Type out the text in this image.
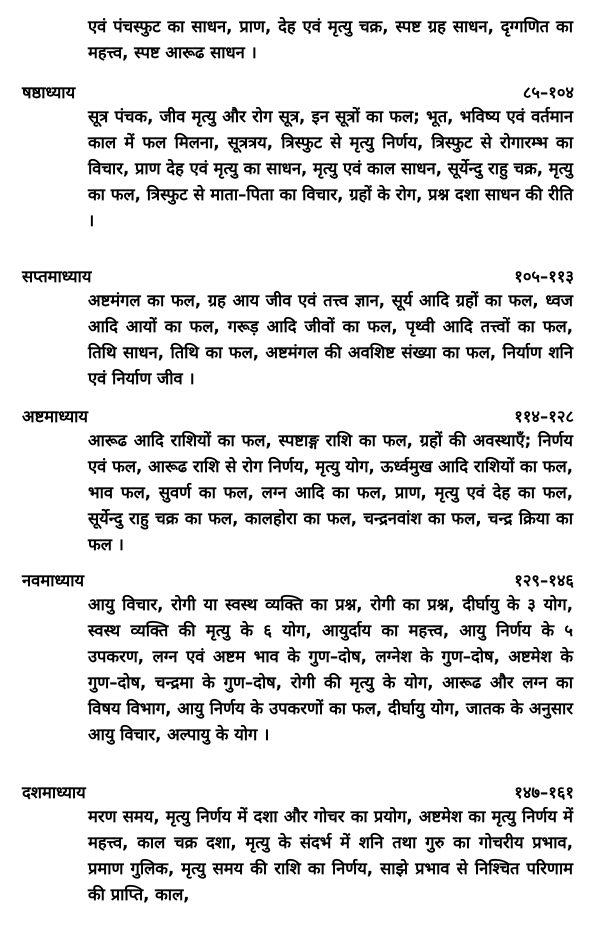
एवं पंचस्फुट का साधन, प्राण, देह एवं मृत्यु चक्र, स्पष्ट ग्रह साधन, दृग्गणित का महत्त्व, स्पष्ट आरूढ साधन ।
षष्ठाध्याय	८५–१०४
सूत्र पंचक, जीव मृत्यु और रोग सूत्र, इन सूत्रों का फल; भूत, भविष्य एवं वर्तमान काल में फल मिलना, सूत्रत्रय, त्रिस्फुट से मृत्यु निर्णय, त्रिस्फुट से रोगारम्भ का विचार, प्राण देह एवं मृत्यु का साधन, मृत्यु एवं काल साधन, सूर्येन्दु राहु चक्र, मृत्यु का फल, त्रिस्फुट से माता–पिता का विचार, ग्रहों के रोग, प्रश्न दशा साधन की रीति ।
सप्तमाध्याय	१०५–११३
अष्टमंगल का फल, ग्रह आय जीव एवं तत्त्व ज्ञान, सूर्य आदि ग्रहों का फल, ध्वज आदि आयों का फल, गरूड़ आदि जीवों का फल, पृथ्वी आदि तत्त्वों का फल, तिथि साधन, तिथि का फल, अष्टमंगल की अवशिष्ट संख्या का फल, निर्याण शनि एवं निर्याण जीव ।
अष्टमाध्याय	११४–१२८
आरूढ आदि राशियों का फल, स्पष्टाङ्ग राशि का फल, ग्रहों की अवस्थाएँ; निर्णय एवं फल, आरूढ राशि से रोग निर्णय, मृत्यु योग, ऊर्ध्वमुख आदि राशियों का फल, भाव फल, सुवर्ण का फल, लग्न आदि का फल, प्राण, मृत्यु एवं देह का फल, सूर्येन्दु राहु चक्र का फल, कालहोरा का फल, चन्द्रनवांश का फल, चन्द्र क्रिया का फल ।
नवमाध्याय	१२९–१४६
आयु विचार, रोगी या स्वस्थ व्यक्ति का प्रश्न, रोगी का प्रश्न, दीर्घायु के ३ योग, स्वस्थ व्यक्ति की मृत्यु के ६ योग, आयुर्दाय का महत्त्व, आयु निर्णय के ५ उपकरण, लग्न एवं अष्टम भाव के गुण–दोष, लग्नेश के गुण–दोष, अष्टमेश के गुण–दोष, चन्द्रमा के गुण–दोष, रोगी की मृत्यु के योग, आरूढ और लग्न का विषय विभाग, आयु निर्णय के उपकरणों का फल, दीर्घायु योग, जातक के अनुसार आयु विचार, अल्पायु के योग ।
दशमाध्याय	१४७–१६१
मरण समय, मृत्यु निर्णय में दशा और गोचर का प्रयोग, अष्टमेश का मृत्यु निर्णय में महत्त्व, काल चक्र दशा, मृत्यु के संदर्भ में शनि तथा गुरु का गोचरीय प्रभाव, प्रमाण गुलिक, मृत्यु समय की राशि का निर्णय, साझे प्रभाव से निश्चित परिणाम की प्राप्ति, काल,
